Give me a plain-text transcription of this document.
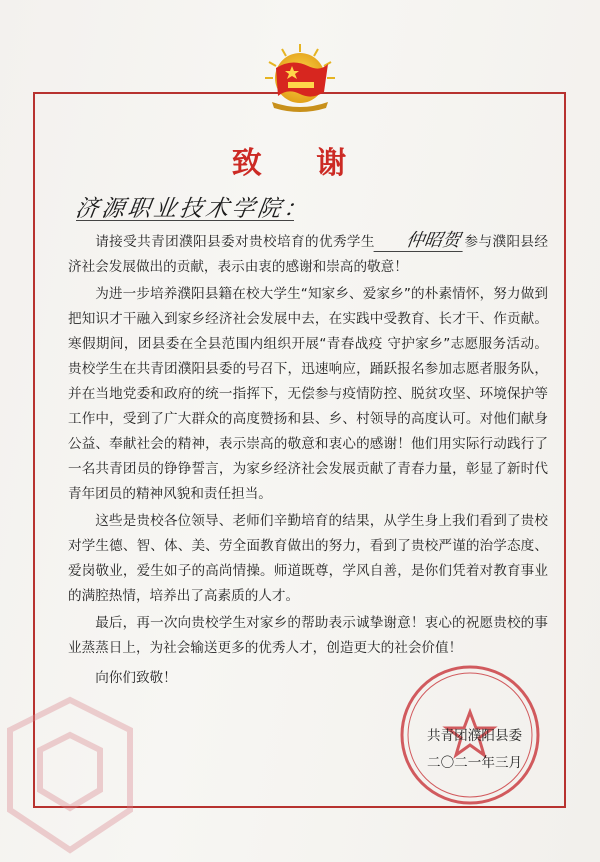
致 谢
济源职业技术学院：

请接受共青团濮阳县委对贵校培育的优秀学生 仲昭贺 参与濮阳县经济社会发展做出的贡献，表示由衷的感谢和崇高的敬意！

为进一步培养濮阳县籍在校大学生“知家乡、爱家乡”的朴素情怀，努力做到把知识才干融入到家乡经济社会发展中去，在实践中受教育、长才干、作贡献。寒假期间，团县委在全县范围内组织开展“青春战疫 守护家乡”志愿服务活动。贵校学生在共青团濮阳县委的号召下，迅速响应，踊跃报名参加志愿者服务队，并在当地党委和政府的统一指挥下，无偿参与疫情防控、脱贫攻坚、环境保护等工作中，受到了广大群众的高度赞扬和县、乡、村领导的高度认可。对他们献身公益、奉献社会的精神，表示崇高的敬意和衷心的感谢！他们用实际行动践行了一名共青团员的铮铮誓言，为家乡经济社会发展贡献了青春力量，彰显了新时代青年团员的精神风貌和责任担当。

这些是贵校各位领导、老师们辛勤培育的结果，从学生身上我们看到了贵校对学生德、智、体、美、劳全面教育做出的努力，看到了贵校严谨的治学态度、爱岗敬业，爱生如子的高尚情操。师道既尊，学风自善，是你们凭着对教育事业的满腔热情，培养出了高素质的人才。

最后，再一次向贵校学生对家乡的帮助表示诚挚谢意！衷心的祝愿贵校的事业蒸蒸日上，为社会输送更多的优秀人才，创造更大的社会价值！

向你们致敬！
共青团濮阳县委
二〇二一年三月
